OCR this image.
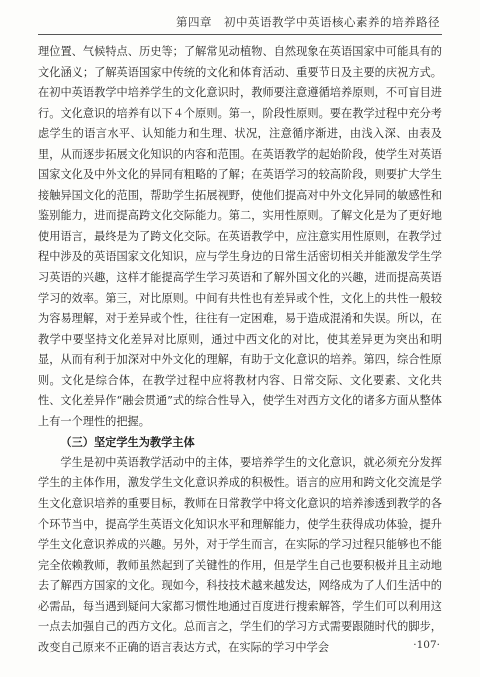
第四章　初中英语教学中英语核心素养的培养路径

理位置、气候特点、历史等；了解常见动植物、自然现象在英语国家中可能具有的文化涵义；了解英语国家中传统的文化和体育活动、重要节日及主要的庆祝方式。在初中英语教学中培养学生的文化意识时，教师要注意遵循培养原则，不可盲目进行。文化意识的培养有以下４个原则。第一，阶段性原则。要在教学过程中充分考虑学生的语言水平、认知能力和生理、状况，注意循序渐进，由浅入深、由表及里，从而逐步拓展文化知识的内容和范围。在英语教学的起始阶段，使学生对英语国家文化及中外文化的异同有粗略的了解；在英语学习的较高阶段，则要扩大学生接触异国文化的范围，帮助学生拓展视野，使他们提高对中外文化异同的敏感性和鉴别能力，进而提高跨文化交际能力。第二，实用性原则。了解文化是为了更好地使用语言，最终是为了跨文化交际。在英语教学中，应注意实用性原则，在教学过程中涉及的英语国家文化知识，应与学生身边的日常生活密切相关并能激发学生学习英语的兴趣，这样才能提高学生学习英语和了解外国文化的兴趣，进而提高英语学习的效率。第三，对比原则。中间有共性也有差异或个性，文化上的共性一般较为容易理解，对于差异或个性，往往有一定困难，易于造成混淆和失误。所以，在教学中要坚持文化差异对比原则，通过中西文化的对比，使其差异更为突出和明显，从而有利于加深对中外文化的理解，有助于文化意识的培养。第四，综合性原则。文化是综合体，在教学过程中应将教材内容、日常交际、文化要素、文化共性、文化差异作“融会贯通”式的综合性导入，使学生对西方文化的诸多方面从整体上有一个理性的把握。

（三）坚定学生为教学主体

学生是初中英语教学活动中的主体，要培养学生的文化意识，就必须充分发挥学生的主体作用，激发学生文化意识养成的积极性。语言的应用和跨文化交流是学生文化意识培养的重要目标，教师在日常教学中将文化意识的培养渗透到教学的各个环节当中，提高学生英语文化知识水平和理解能力，使学生获得成功体验，提升学生文化意识养成的兴趣。另外，对于学生而言，在实际的学习过程只能够也不能完全依赖教师，教师虽然起到了关键性的作用，但是学生自己也要积极并且主动地去了解西方国家的文化。现如今，科技技术越来越发达，网络成为了人们生活中的必需品，每当遇到疑问大家都习惯性地通过百度进行搜索解答，学生们可以利用这一点去加强自己的西方文化。总而言之，学生们的学习方式需要跟随时代的脚步，改变自己原来不正确的语言表达方式，在实际的学习中学会	·107·
